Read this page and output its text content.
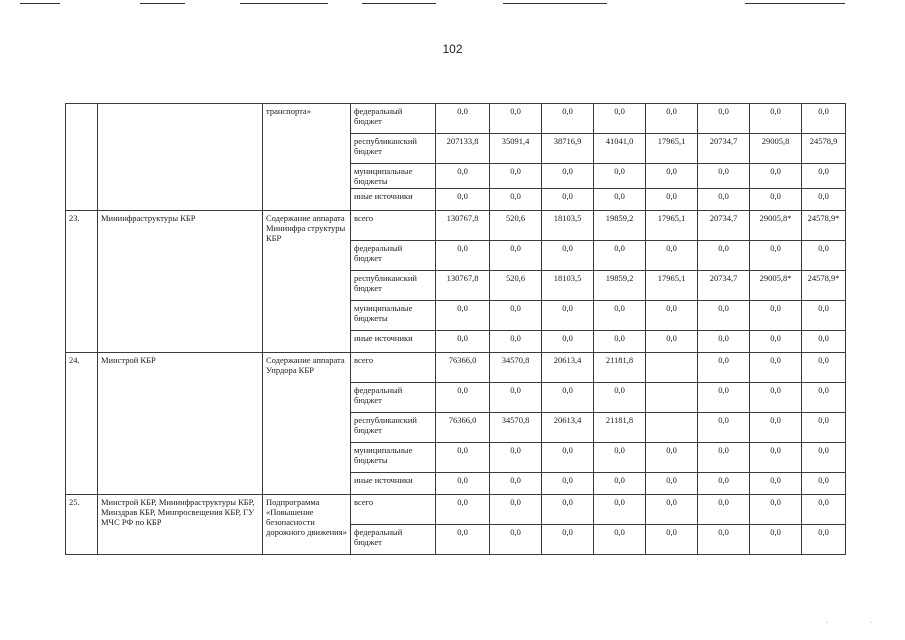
102
		транспорта»	федеральный бюджет	0,0	0,0	0,0	0,0	0,0	0,0	0,0	0,0
			республиканский бюджет	207133,8	35091,4	38716,9	41041,0	17965,1	20734,7	29005,8	24578,9
			муниципальные бюджеты	0,0	0,0	0,0	0,0	0,0	0,0	0,0	0,0
			иные источники	0,0	0,0	0,0	0,0	0,0	0,0	0,0	0,0
23.	Мининфраструктуры КБР	Содержание аппарата Мининфра структуры КБР	всего	130767,8	520,6	18103,5	19859,2	17965,1	20734,7	29005,8*	24578,9*
			федеральный бюджет	0,0	0,0	0,0	0,0	0,0	0,0	0,0	0,0
			республиканский бюджет	130767,8	520,6	18103,5	19859,2	17965,1	20734,7	29005,8*	24578,9*
			муниципальные бюджеты	0,0	0,0	0,0	0,0	0,0	0,0	0,0	0,0
			иные источники	0,0	0,0	0,0	0,0	0,0	0,0	0,0	0,0
24.	Минстрой КБР	Содержание аппарата Упрдора КБР	всего	76366,0	34570,8	20613,4	21181,8		0,0	0,0	0,0
			федеральный бюджет	0,0	0,0	0,0	0,0		0,0	0,0	0,0
			республиканский бюджет	76366,0	34570,8	20613,4	21181,8		0,0	0,0	0,0
			муниципальные бюджеты	0,0	0,0	0,0	0,0	0,0	0,0	0,0	0,0
			иные источники	0,0	0,0	0,0	0,0	0,0	0,0	0,0	0,0
25.	Минстрой КБР, Мининфраструктуры КБР, Минздрав КБР, Минпросвещения КБР, ГУ МЧС РФ по КБР	Подпрограмма «Повышение безопасности дорожного движения»	всего	0,0	0,0	0,0	0,0	0,0	0,0	0,0	0,0
			федеральный бюджет	0,0	0,0	0,0	0,0	0,0	0,0	0,0	0,0
·	·
